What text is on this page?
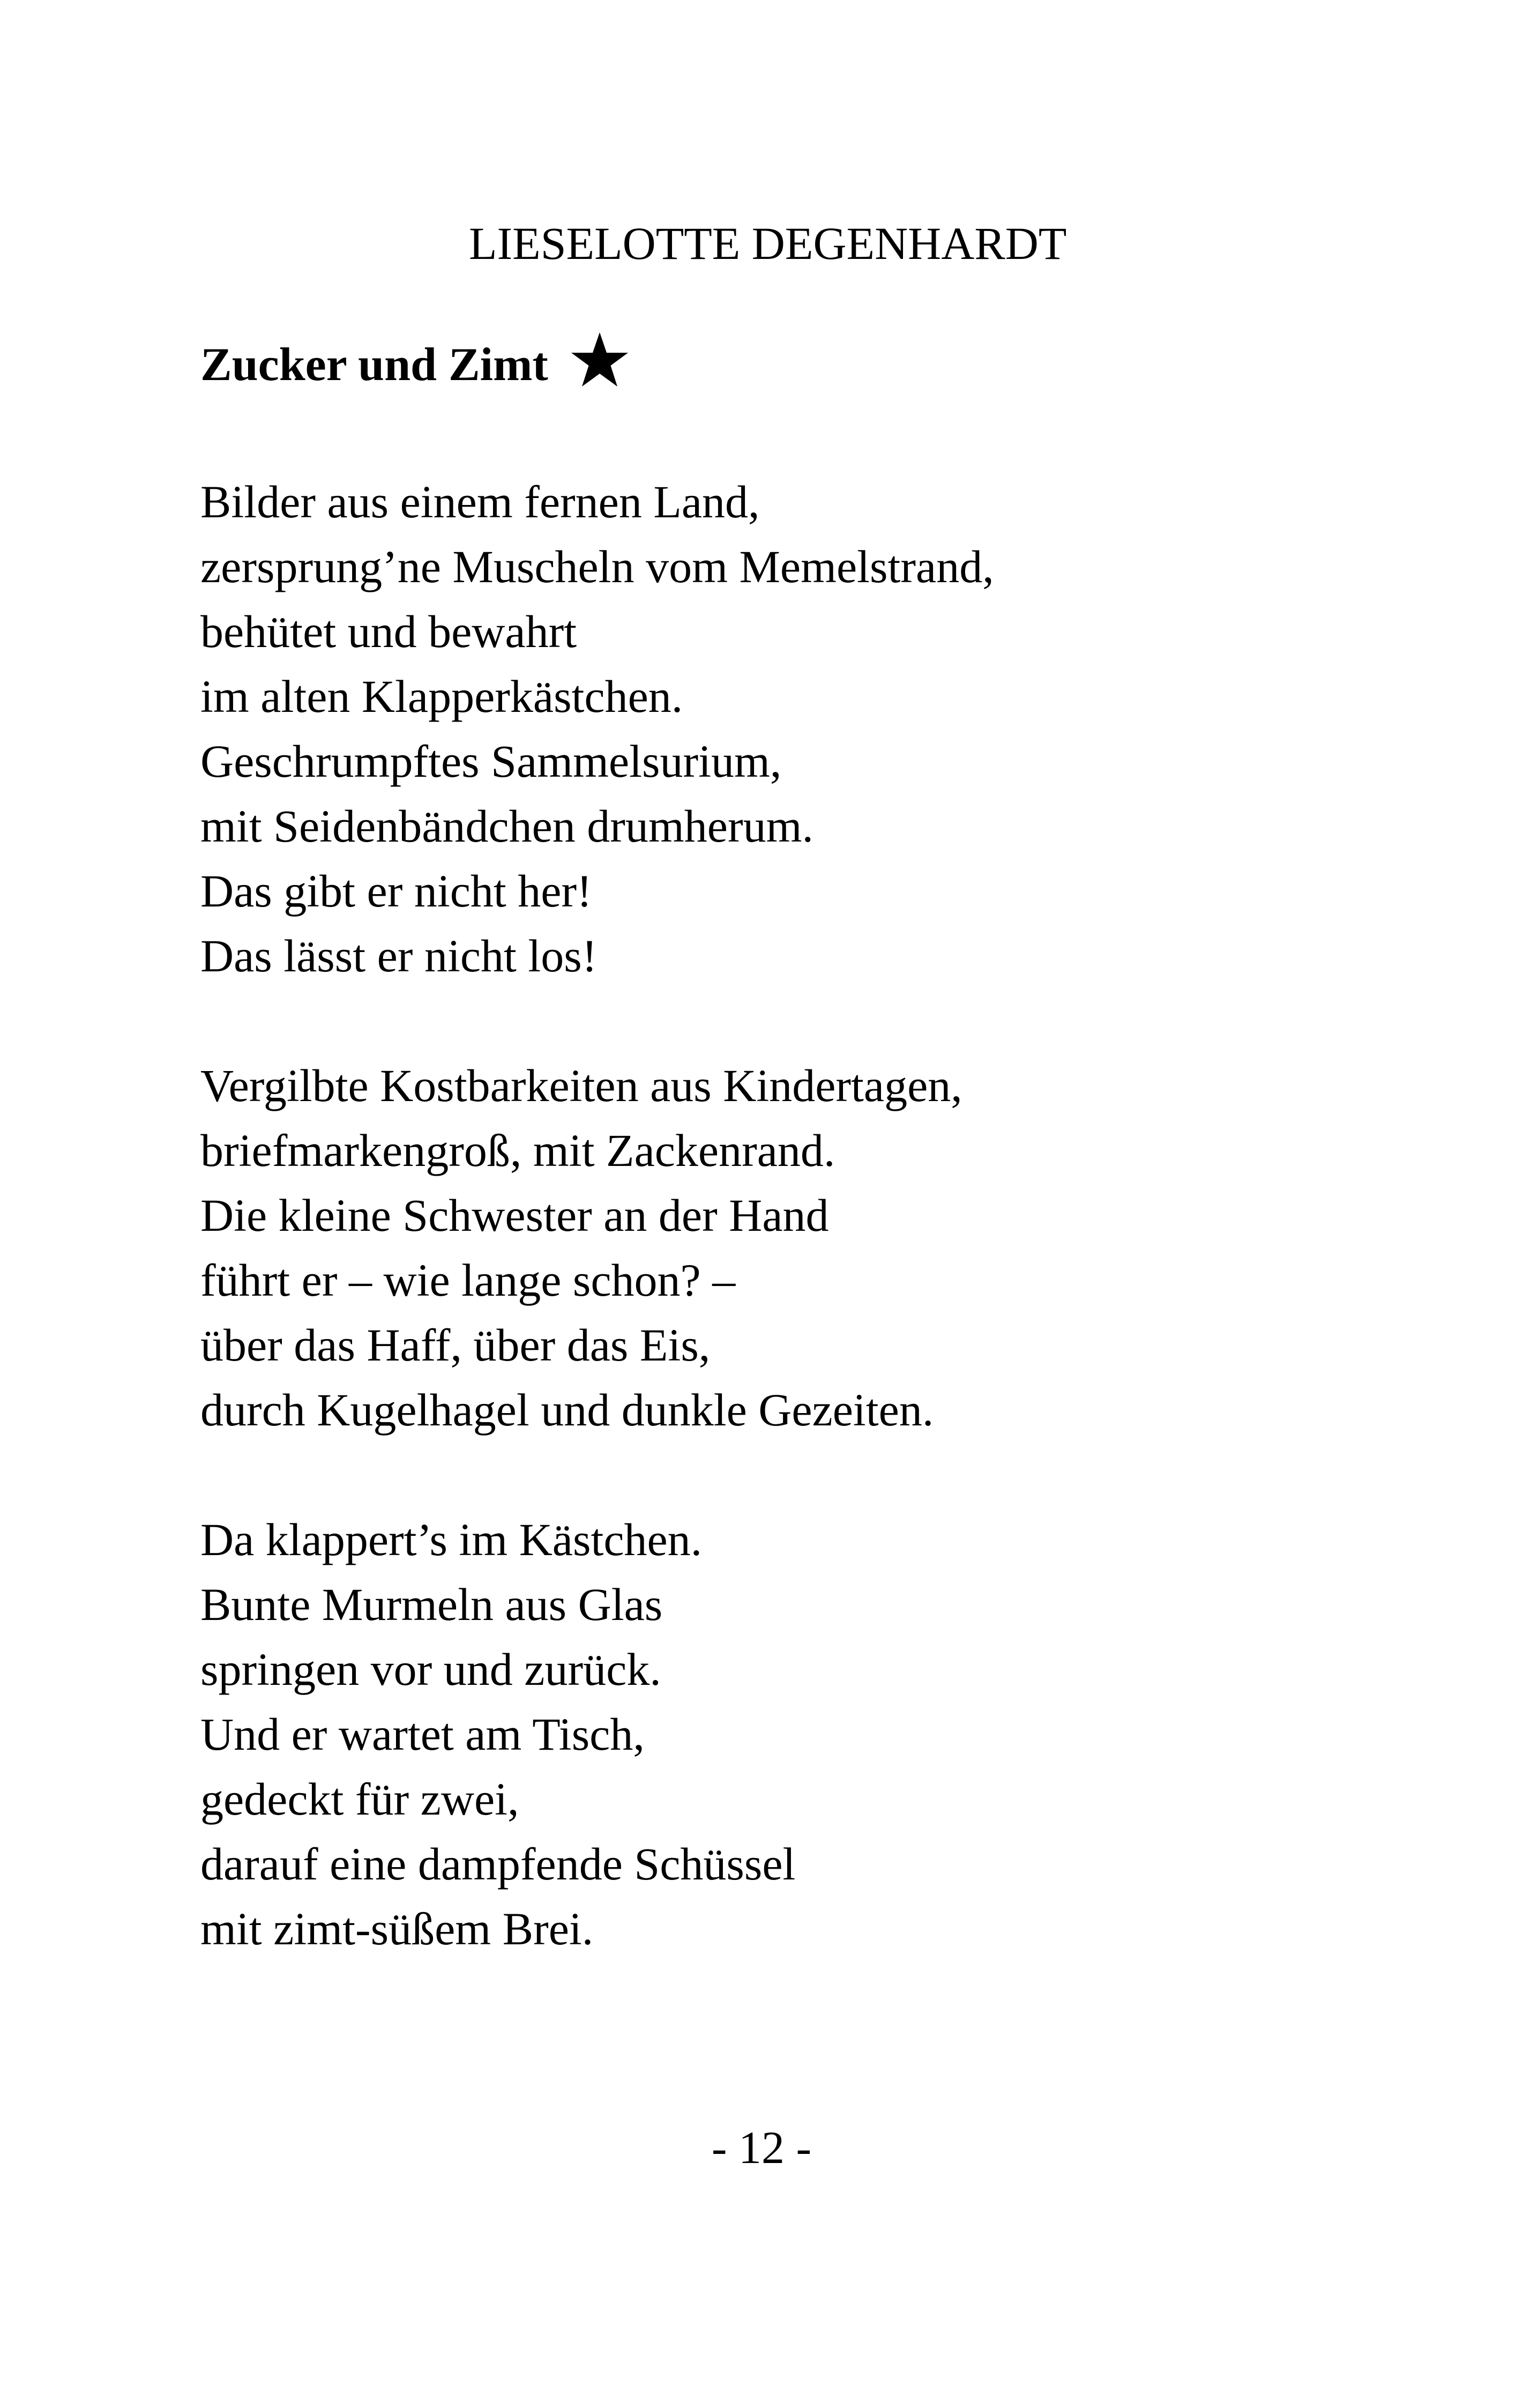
LIESELOTTE DEGENHARDT
Zucker und Zimt
Bilder aus einem fernen Land,
zersprung’ne Muscheln vom Memelstrand,
behütet und bewahrt
im alten Klapperkästchen.
Geschrumpftes Sammelsurium,
mit Seidenbändchen drumherum.
Das gibt er nicht her!
Das lässt er nicht los!
Vergilbte Kostbarkeiten aus Kindertagen,
briefmarkengroß, mit Zackenrand.
Die kleine Schwester an der Hand
führt er – wie lange schon? –
über das Haff, über das Eis,
durch Kugelhagel und dunkle Gezeiten.
Da klappert’s im Kästchen.
Bunte Murmeln aus Glas
springen vor und zurück.
Und er wartet am Tisch,
gedeckt für zwei,
darauf eine dampfende Schüssel
mit zimt-süßem Brei.
- 12 -
